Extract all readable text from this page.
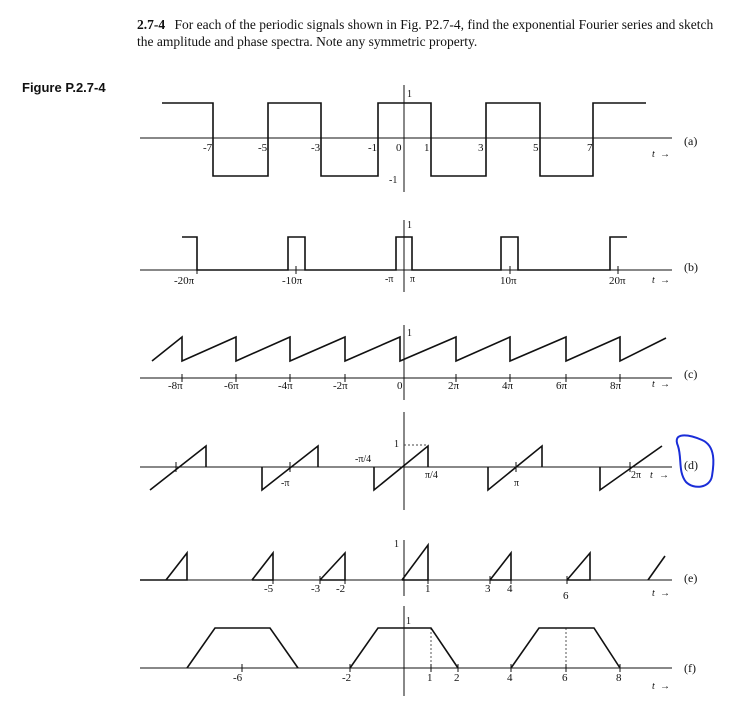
2.7-4 For each of the periodic signals shown in Fig. P2.7-4, find the exponential Fourier series and sketch the amplitude and phase spectra. Note any symmetric property.
Figure P.2.7-4
-7	-5	-3	-1 0 1	3	5	7
1
-1
t →
(a)
-20π	-10π	-π π	10π	20π
1
t →
(b)
-8π	-6π	-4π	-2π	0	2π	4π	6π	8π
1
t →
(c)
-π/4
π/4
-π	π
2π
1
t →
(d)
-5	-3 -2	1	3 4
6
1
t →
(e)
-6	-2	1 2	4	6	8
1
t →
(f)
